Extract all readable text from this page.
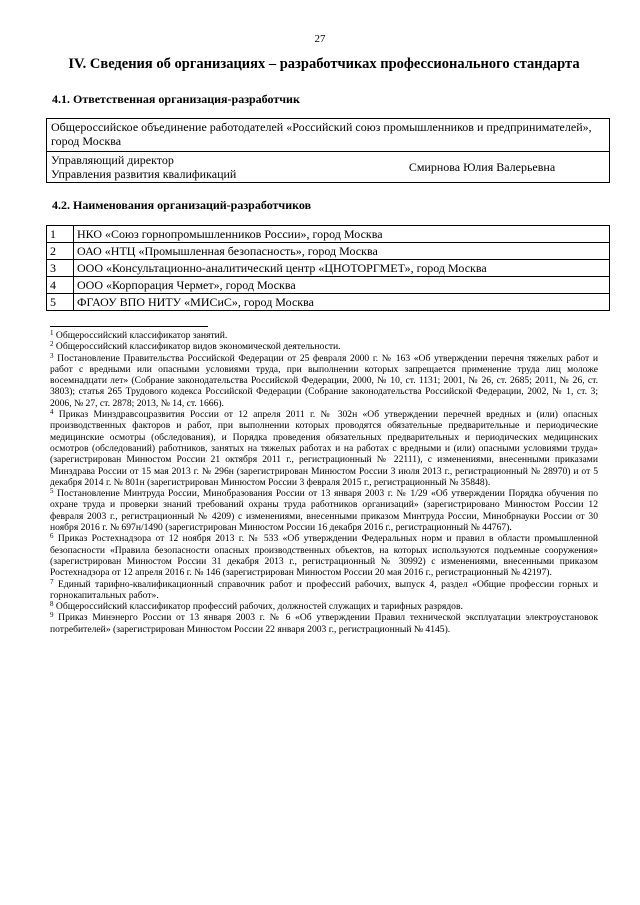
27
IV. Сведения об организациях – разработчиках профессионального стандарта
4.1. Ответственная организация-разработчик
Общероссийское объединение работодателей «Российский союз промышленников и предпринимателей», город Москва

Управляющий директор
Управления развития квалификаций	Смирнова Юлия Валерьевна
4.2. Наименования организаций-разработчиков
1	НКО «Союз горнопромышленников России», город Москва
2	ОАО «НТЦ «Промышленная безопасность», город Москва
3	ООО «Консультационно-аналитический центр «ЦНОТОРГМЕТ», город Москва
4	ООО «Корпорация Чермет», город Москва
5	ФГАОУ ВПО НИТУ «МИСиС», город Москва

$^1$ Общероссийский классификатор занятий.

$^2$ Общероссийский классификатор видов экономической деятельности.

$^3$ Постановление Правительства Российской Федерации от 25 февраля 2000 г. № 163 «Об утверждении перечня тяжелых работ и работ с вредными или опасными условиями труда, при выполнении которых запрещается применение труда лиц моложе восемнадцати лет» (Собрание законодательства Российской Федерации, 2000, № 10, ст. 1131; 2001, № 26, ст. 2685; 2011, № 26, ст. 3803); статья 265 Трудового кодекса Российской Федерации (Собрание законодательства Российской Федерации, 2002, № 1, ст. 3; 2006, № 27, ст. 2878; 2013, № 14, ст. 1666).

$^4$ Приказ Минздравсоцразвития России от 12 апреля 2011 г. № 302н «Об утверждении перечней вредных и (или) опасных производственных факторов и работ, при выполнении которых проводятся обязательные предварительные и периодические медицинские осмотры (обследования), и Порядка проведения обязательных предварительных и периодических медицинских осмотров (обследований) работников, занятых на тяжелых работах и на работах с вредными и (или) опасными условиями труда» (зарегистрирован Минюстом России 21 октября 2011 г., регистрационный № 22111), с изменениями, внесенными приказами Минздрава России от 15 мая 2013 г. № 296н (зарегистрирован Минюстом России 3 июля 2013 г., регистрационный № 28970) и от 5 декабря 2014 г. № 801н (зарегистрирован Минюстом России 3 февраля 2015 г., регистрационный № 35848).

$^5$ Постановление Минтруда России, Минобразования России от 13 января 2003 г. № 1/29 «Об утверждении Порядка обучения по охране труда и проверки знаний требований охраны труда работников организаций» (зарегистрировано Минюстом России 12 февраля 2003 г., регистрационный № 4209) с изменениями, внесенными приказом Минтруда России, Минобрнауки России от 30 ноября 2016 г. № 697н/1490 (зарегистрирован Минюстом России 16 декабря 2016 г., регистрационный № 44767).

$^6$ Приказ Ростехнадзора от 12 ноября 2013 г. № 533 «Об утверждении Федеральных норм и правил в области промышленной безопасности «Правила безопасности опасных производственных объектов, на которых используются подъемные сооружения» (зарегистрирован Минюстом России 31 декабря 2013 г., регистрационный № 30992) с изменениями, внесенными приказом Ростехнадзора от 12 апреля 2016 г. № 146 (зарегистрирован Минюстом России 20 мая 2016 г., регистрационный № 42197).

$^7$ Единый тарифно-квалификационный справочник работ и профессий рабочих, выпуск 4, раздел «Общие профессии горных и горнокапитальных работ».

$^8$ Общероссийский классификатор профессий рабочих, должностей служащих и тарифных разрядов.

$^9$ Приказ Минэнерго России от 13 января 2003 г. № 6 «Об утверждении Правил технической эксплуатации электроустановок потребителей» (зарегистрирован Минюстом России 22 января 2003 г., регистрационный № 4145).
